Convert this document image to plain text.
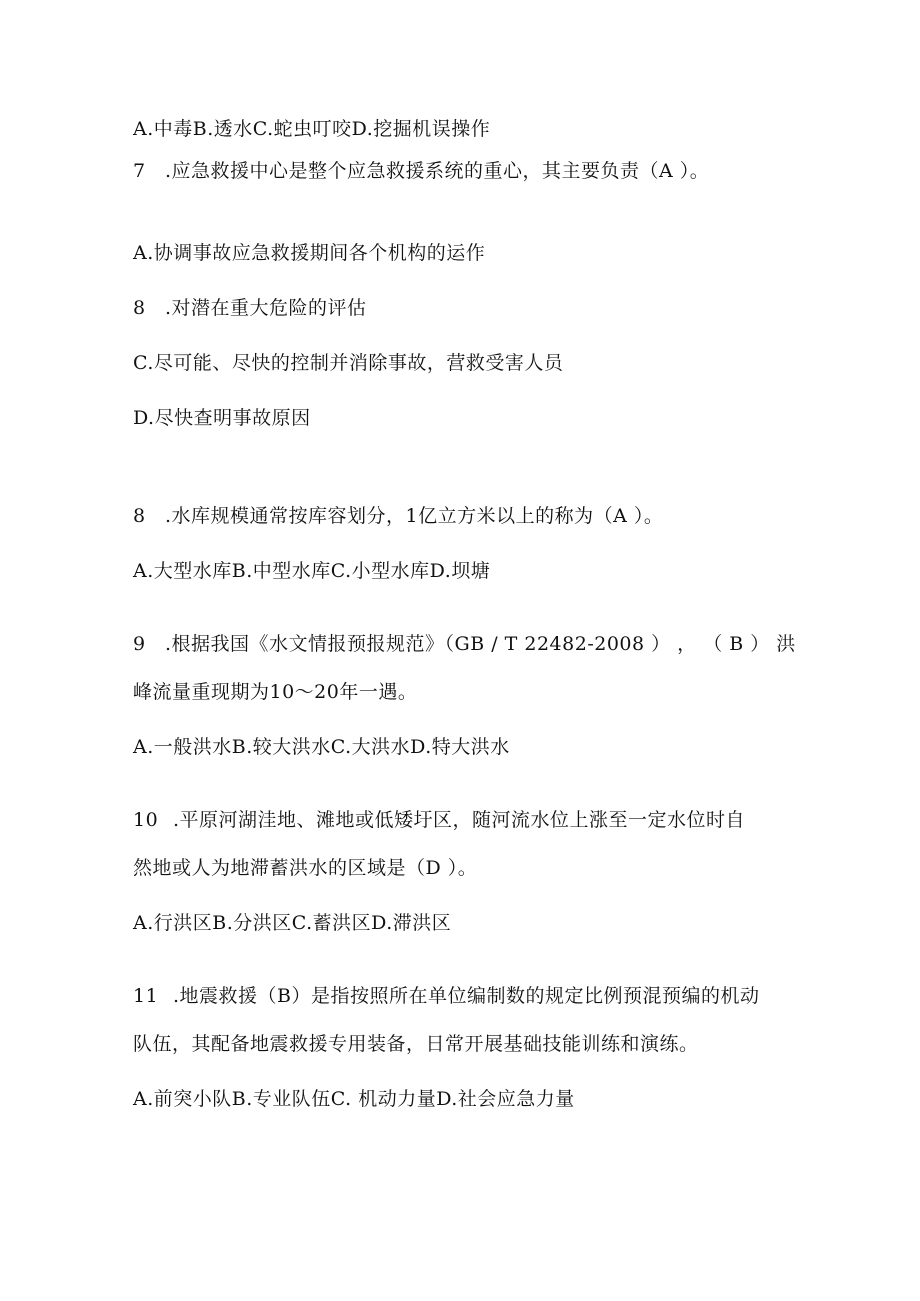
A.中毒B.透水C.蛇虫叮咬D.挖掘机误操作
7 .应急救援中心是整个应急救援系统的重心，其主要负责（A ）。
A.协调事故应急救援期间各个机构的运作
8 .对潜在重大危险的评估
C.尽可能、尽快的控制并消除事故，营救受害人员
D.尽快查明事故原因
8 .水库规模通常按库容划分，1亿立方米以上的称为（A ）。
A.大型水库B.中型水库C.小型水库D.坝塘
9 .根据我国《水文情报预报规范》（GB / T 22482-2008 ） ， （ B ） 洪
峰流量重现期为10～20年一遇。
A.一般洪水B.较大洪水C.大洪水D.特大洪水
10 .平原河湖洼地、滩地或低矮圩区，随河流水位上涨至一定水位时自
然地或人为地滞蓄洪水的区域是（D ）。
A.行洪区B.分洪区C.蓄洪区D.滞洪区
11 .地震救援（B）是指按照所在单位编制数的规定比例预混预编的机动
队伍，其配备地震救援专用装备，日常开展基础技能训练和演练。
A.前突小队B.专业队伍C. 机动力量D.社会应急力量
